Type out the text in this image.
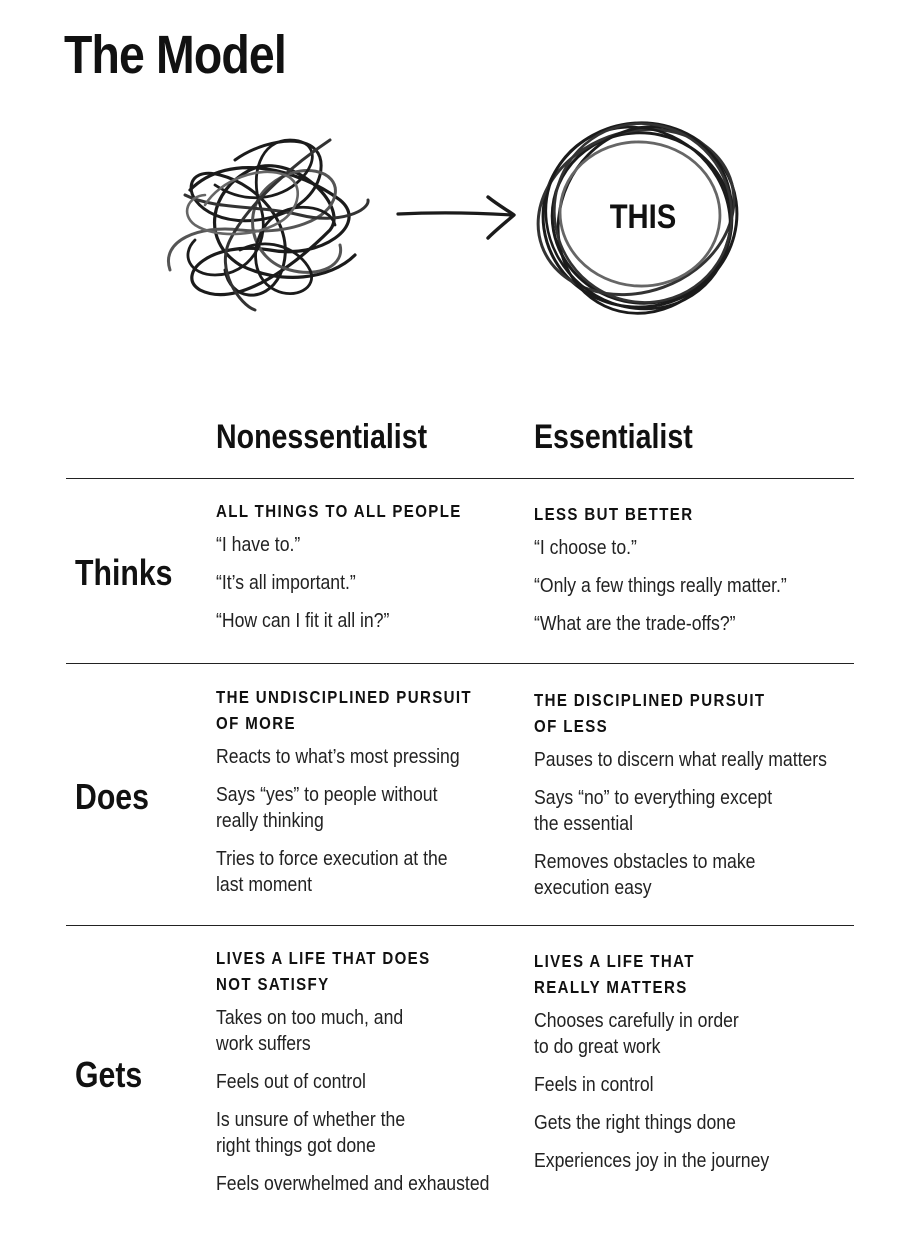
The Model
THIS
Nonessentialist	Essentialist
Thinks
ALL THINGS TO ALL PEOPLE
“I have to.”
“It’s all important.”
“How can I fit it all in?”
LESS BUT BETTER
“I choose to.”
“Only a few things really matter.”
“What are the trade-offs?”
Does
THE UNDISCIPLINED PURSUIT
OF MORE
Reacts to what’s most pressing
Says “yes” to people without
really thinking
Tries to force execution at the
last moment
THE DISCIPLINED PURSUIT
OF LESS
Pauses to discern what really matters
Says “no” to everything except
the essential
Removes obstacles to make
execution easy
Gets
LIVES A LIFE THAT DOES
NOT SATISFY
Takes on too much, and
work suffers
Feels out of control
Is unsure of whether the
right things got done
Feels overwhelmed and exhausted
LIVES A LIFE THAT
REALLY MATTERS
Chooses carefully in order
to do great work
Feels in control
Gets the right things done
Experiences joy in the journey
